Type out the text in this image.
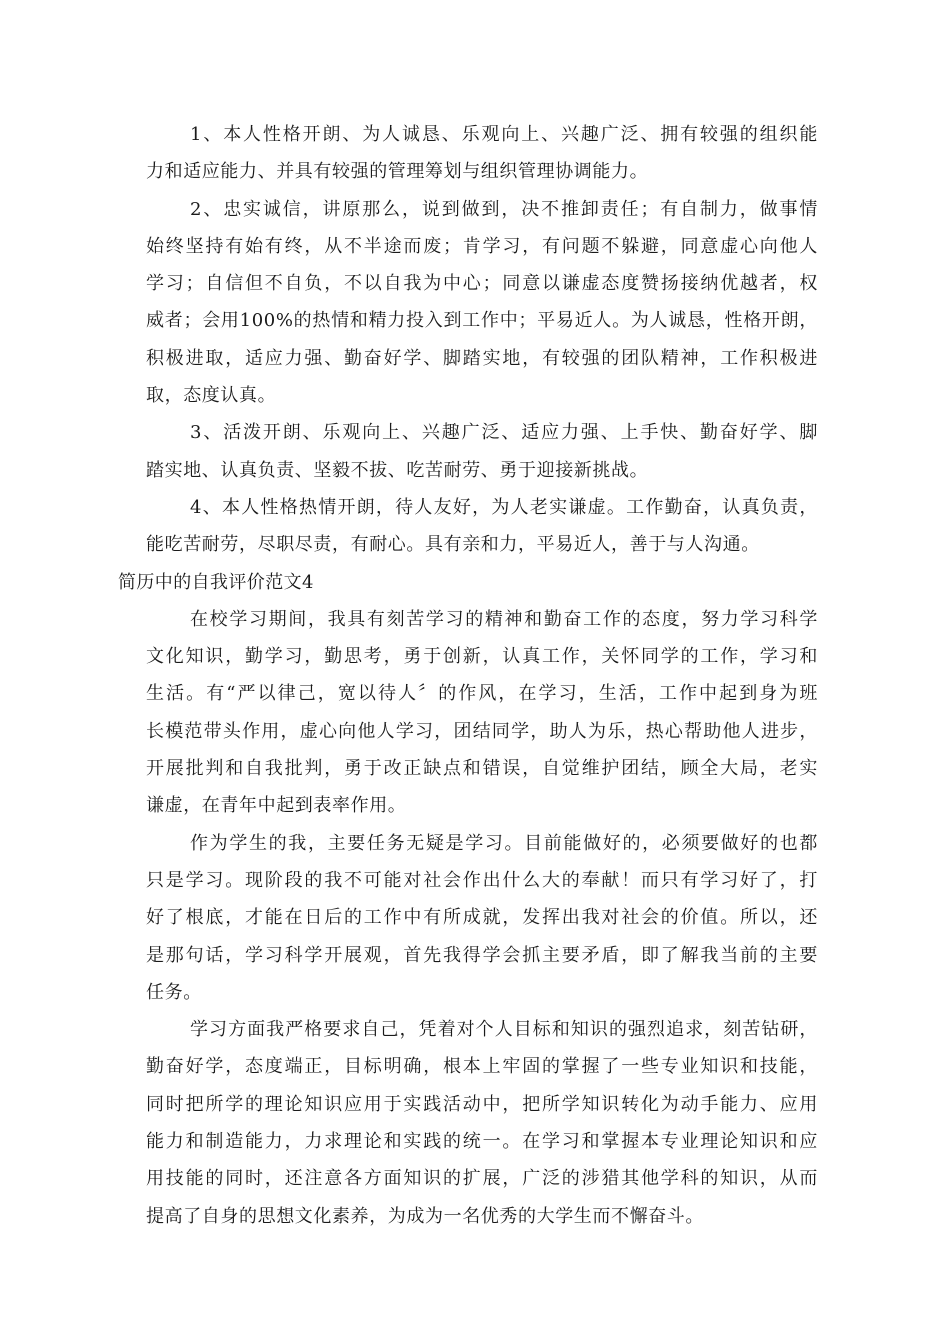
1、本人性格开朗、为人诚恳、乐观向上、兴趣广泛、拥有较强的组织能
力和适应能力、并具有较强的管理筹划与组织管理协调能力。
2、忠实诚信，讲原那么，说到做到，决不推卸责任；有自制力，做事情
始终坚持有始有终，从不半途而废；肯学习，有问题不躲避，同意虚心向他人
学习；自信但不自负，不以自我为中心；同意以谦虚态度赞扬接纳优越者，权
威者；会用100%的热情和精力投入到工作中；平易近人。为人诚恳，性格开朗，
积极进取，适应力强、勤奋好学、脚踏实地，有较强的团队精神，工作积极进
取，态度认真。
3、活泼开朗、乐观向上、兴趣广泛、适应力强、上手快、勤奋好学、脚
踏实地、认真负责、坚毅不拔、吃苦耐劳、勇于迎接新挑战。
4、本人性格热情开朗，待人友好，为人老实谦虚。工作勤奋，认真负责，
能吃苦耐劳，尽职尽责，有耐心。具有亲和力，平易近人，善于与人沟通。
简历中的自我评价范文4
在校学习期间，我具有刻苦学习的精神和勤奋工作的态度，努力学习科学
文化知识，勤学习，勤思考，勇于创新，认真工作，关怀同学的工作，学习和
生活。有“严以律己，宽以待人〞的作风，在学习，生活，工作中起到身为班
长模范带头作用，虚心向他人学习，团结同学，助人为乐，热心帮助他人进步，
开展批判和自我批判，勇于改正缺点和错误，自觉维护团结，顾全大局，老实
谦虚，在青年中起到表率作用。
作为学生的我，主要任务无疑是学习。目前能做好的，必须要做好的也都
只是学习。现阶段的我不可能对社会作出什么大的奉献！而只有学习好了，打
好了根底，才能在日后的工作中有所成就，发挥出我对社会的价值。所以，还
是那句话，学习科学开展观，首先我得学会抓主要矛盾，即了解我当前的主要
任务。
学习方面我严格要求自己，凭着对个人目标和知识的强烈追求，刻苦钻研，
勤奋好学，态度端正，目标明确，根本上牢固的掌握了一些专业知识和技能，
同时把所学的理论知识应用于实践活动中，把所学知识转化为动手能力、应用
能力和制造能力，力求理论和实践的统一。在学习和掌握本专业理论知识和应
用技能的同时，还注意各方面知识的扩展，广泛的涉猎其他学科的知识，从而
提高了自身的思想文化素养，为成为一名优秀的大学生而不懈奋斗。
